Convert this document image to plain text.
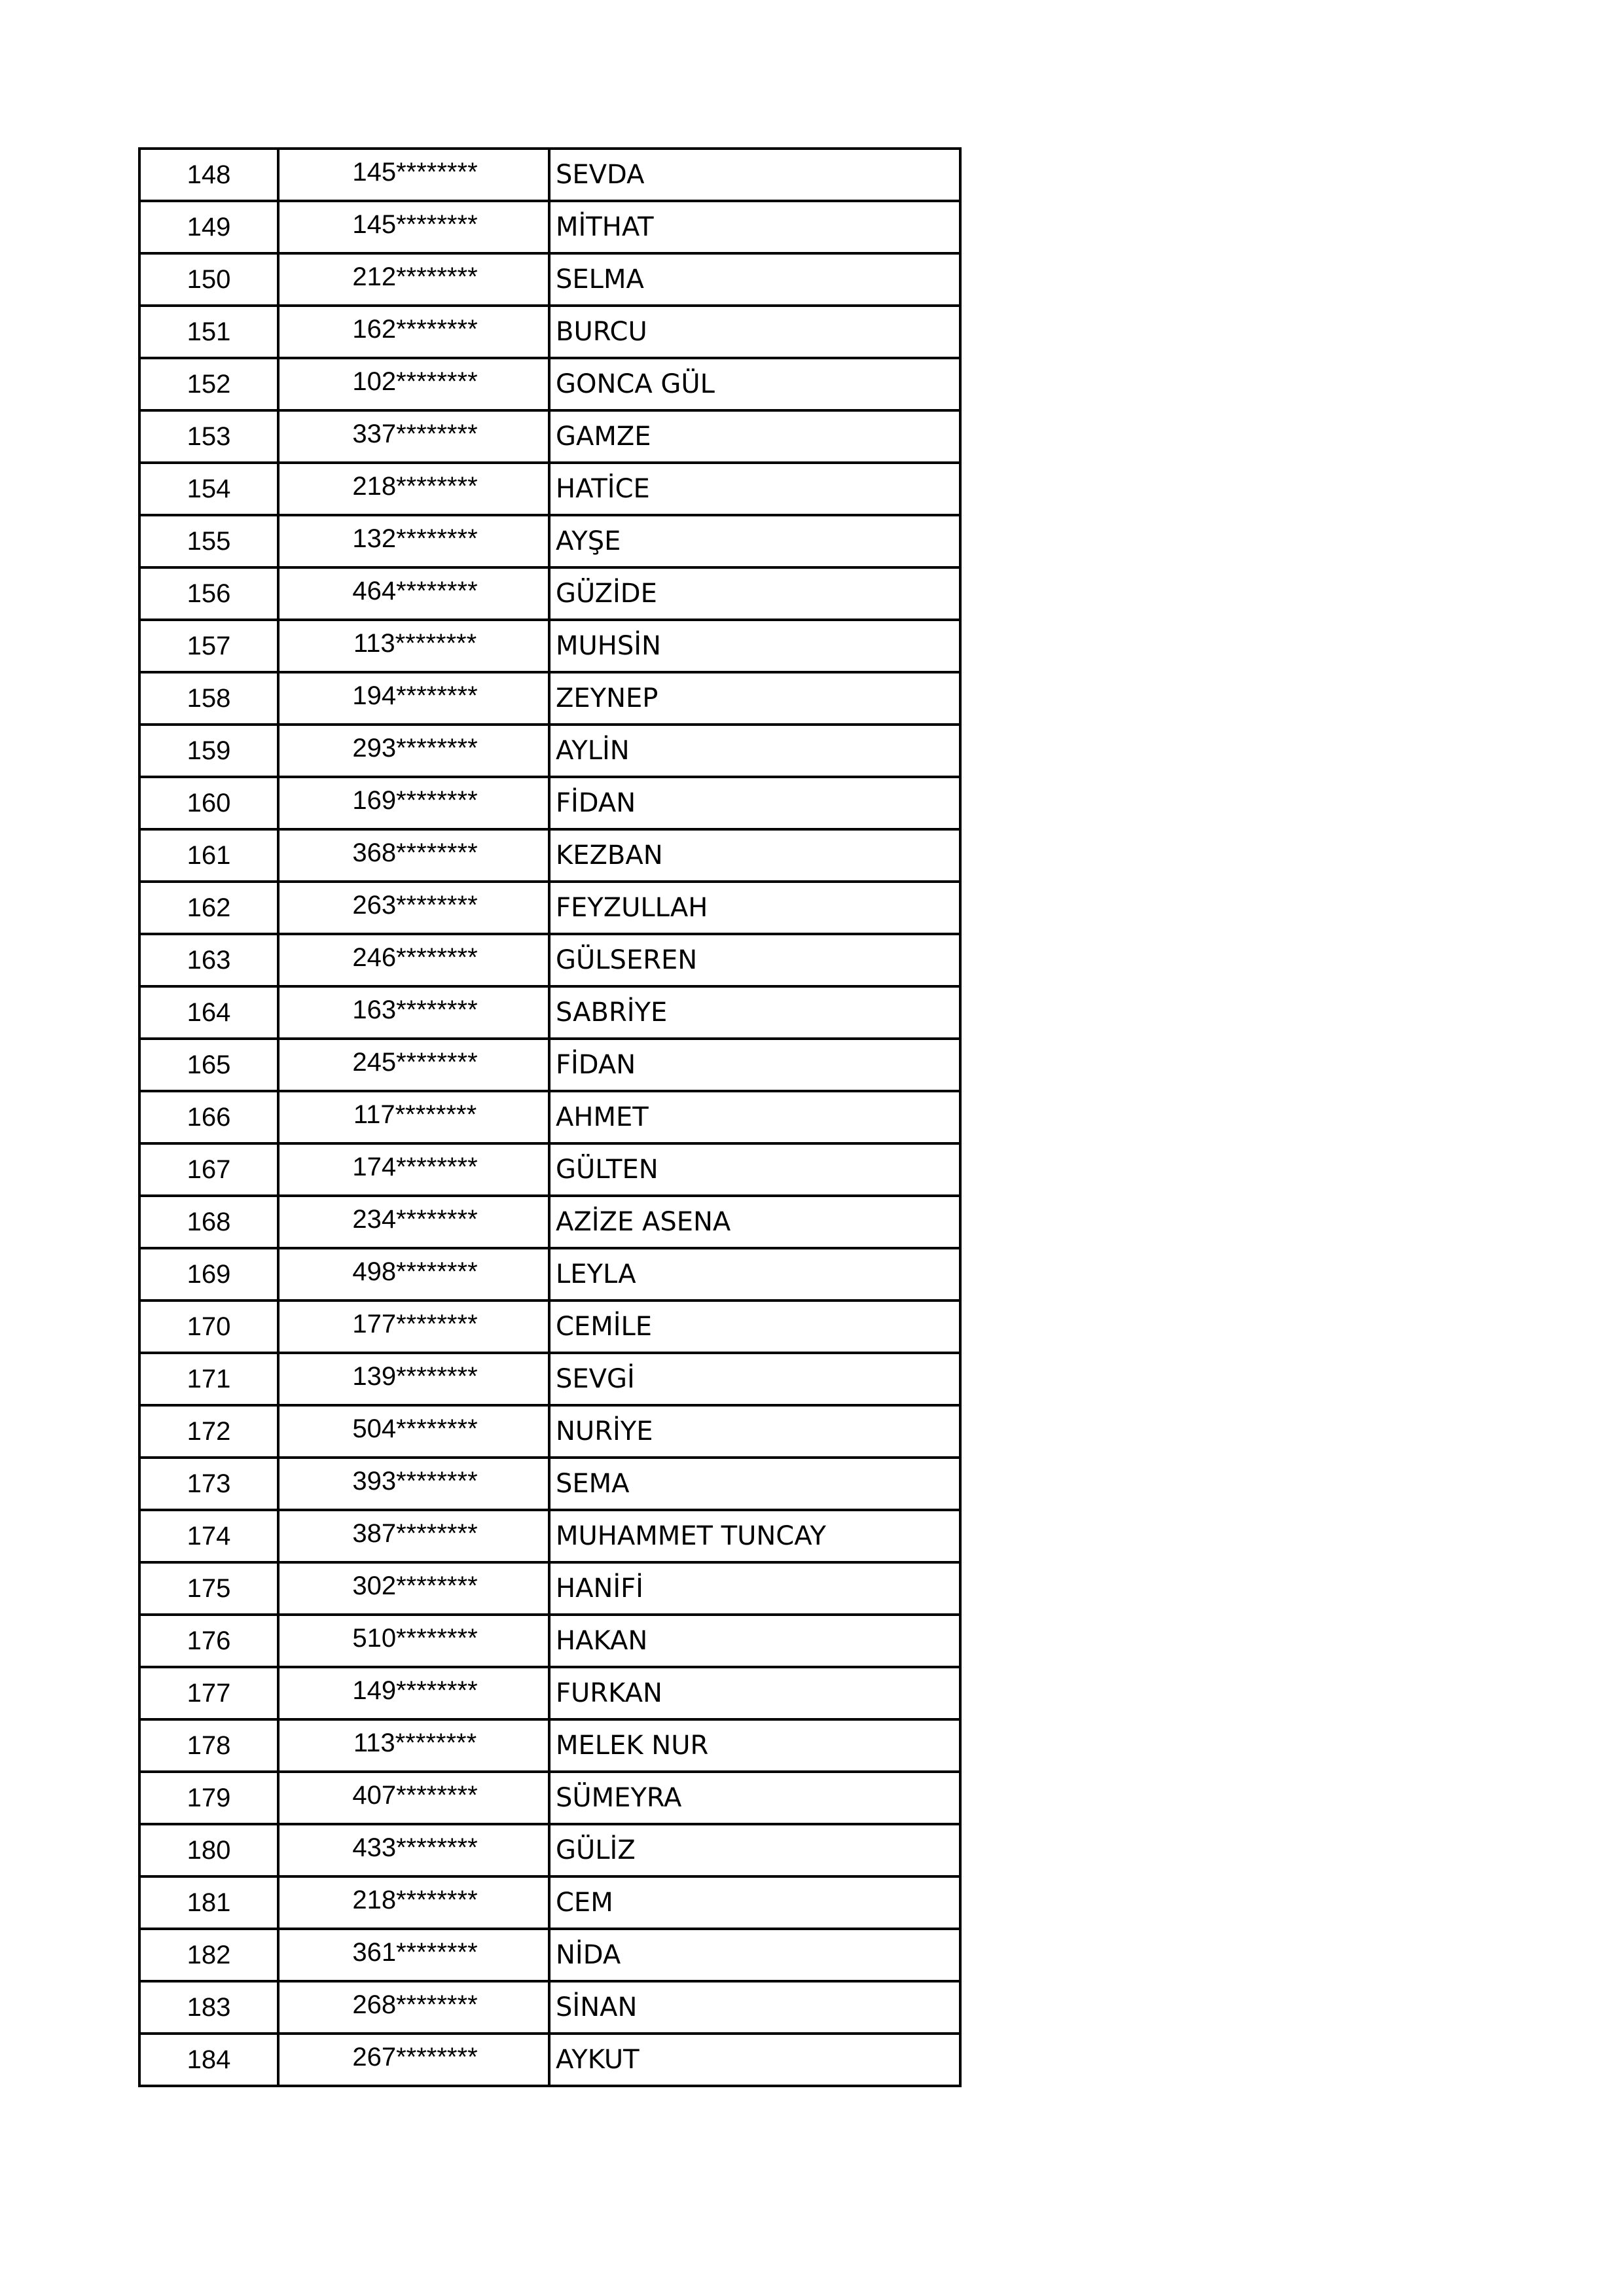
148	145********	SEVDA
149	145********	MİTHAT
150	212********	SELMA
151	162********	BURCU
152	102********	GONCA GÜL
153	337********	GAMZE
154	218********	HATİCE
155	132********	AYŞE
156	464********	GÜZİDE
157	113********	MUHSİN
158	194********	ZEYNEP
159	293********	AYLİN
160	169********	FİDAN
161	368********	KEZBAN
162	263********	FEYZULLAH
163	246********	GÜLSEREN
164	163********	SABRİYE
165	245********	FİDAN
166	117********	AHMET
167	174********	GÜLTEN
168	234********	AZİZE ASENA
169	498********	LEYLA
170	177********	CEMİLE
171	139********	SEVGİ
172	504********	NURİYE
173	393********	SEMA
174	387********	MUHAMMET TUNCAY
175	302********	HANİFİ
176	510********	HAKAN
177	149********	FURKAN
178	113********	MELEK NUR
179	407********	SÜMEYRA
180	433********	GÜLİZ
181	218********	CEM
182	361********	NİDA
183	268********	SİNAN
184	267********	AYKUT
